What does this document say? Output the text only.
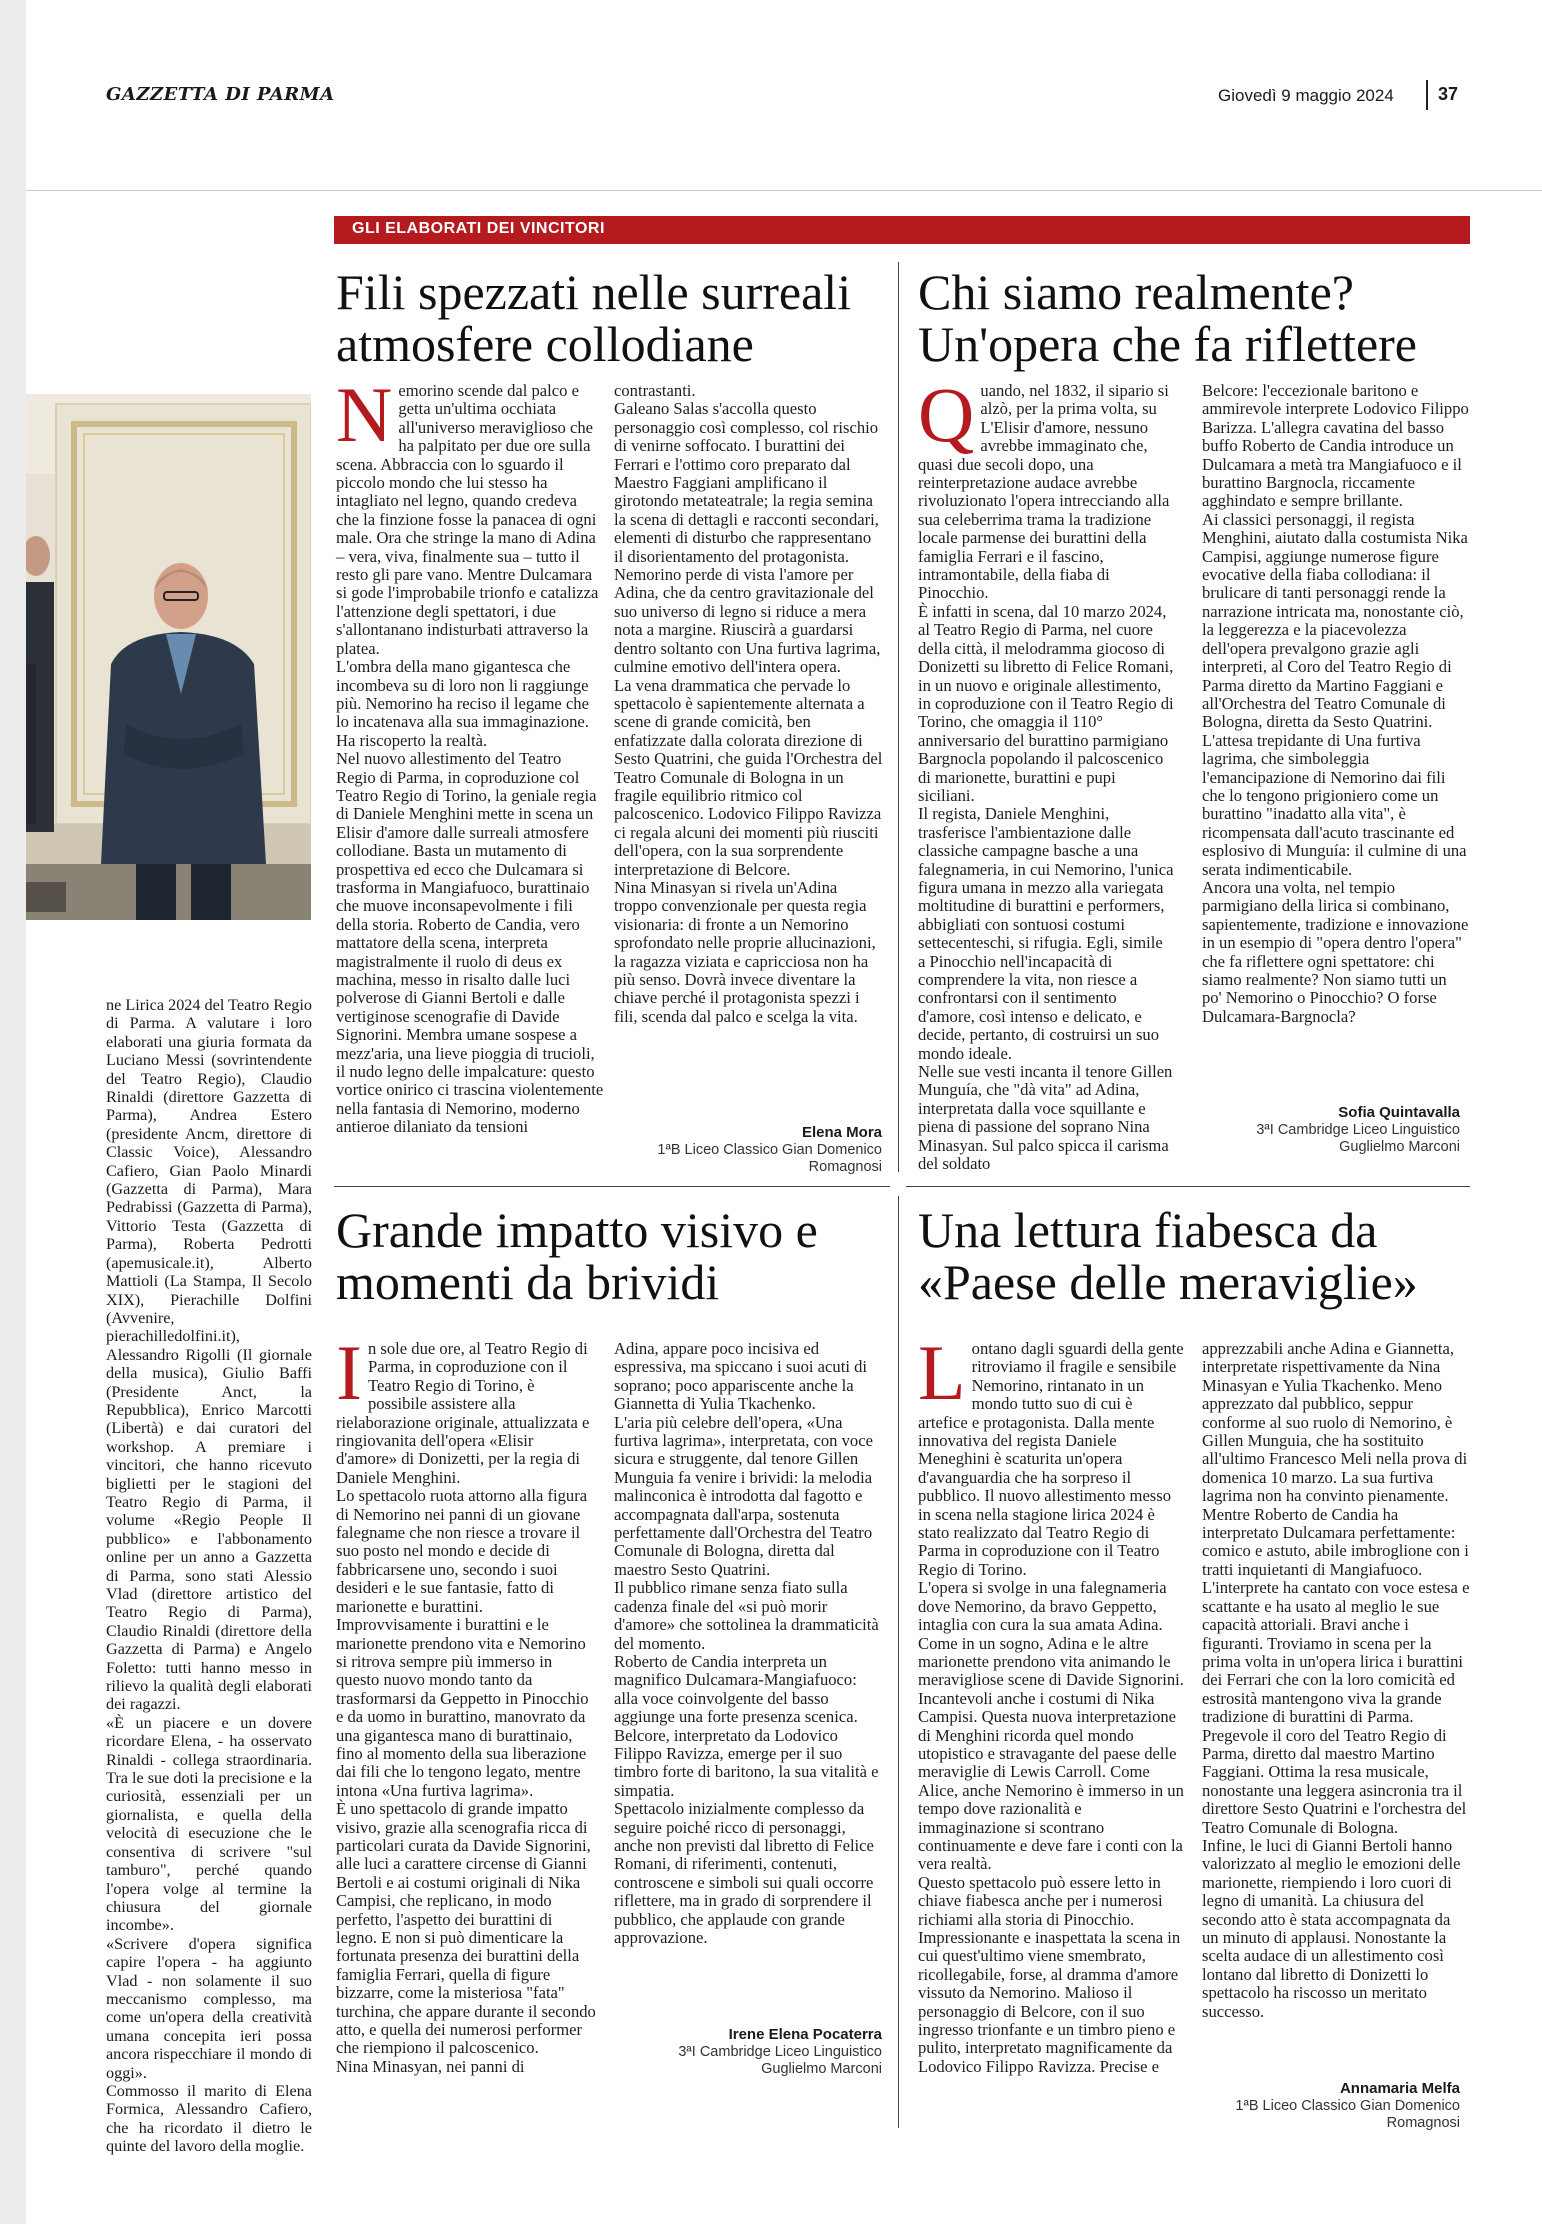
GAZZETTA DI PARMA	Giovedì 9 maggio 2024 37
GLI ELABORATI DEI VINCITORI

ne Lirica 2024 del Teatro Regio di Parma. A valutare i loro elaborati una giuria formata da Luciano Messi (sovrintendente del Teatro Regio), Claudio Rinaldi (direttore Gazzetta di Parma), Andrea Estero (presidente Ancm, direttore di Classic Voice), Alessandro Cafiero, Gian Paolo Minardi (Gazzetta di Parma), Mara Pedrabissi (Gazzetta di Parma), Vittorio Testa (Gazzetta di Parma), Roberta Pedrotti (apemusicale.it), Alberto Mattioli (La Stampa, Il Secolo XIX), Pierachille Dolfini (Avvenire, pierachilledolfini.it), Alessandro Rigolli (Il giornale della musica), Giulio Baffi (Presidente Anct, la Repubblica), Enrico Marcotti (Libertà) e dai curatori del workshop. A premiare i vincitori, che hanno ricevuto biglietti per le stagioni del Teatro Regio di Parma, il volume «Regio People Il pubblico» e l'abbonamento online per un anno a Gazzetta di Parma, sono stati Alessio Vlad (direttore artistico del Teatro Regio di Parma), Claudio Rinaldi (direttore della Gazzetta di Parma) e Angelo Foletto: tutti hanno messo in rilievo la qualità degli elaborati dei ragazzi.

«È un piacere e un dovere ricordare Elena, - ha osservato Rinaldi - collega straordinaria. Tra le sue doti la precisione e la curiosità, essenziali per un giornalista, e quella della velocità di esecuzione che le consentiva di scrivere "sul tamburo", perché quando l'opera volge al termine la chiusura del giornale incombe».

«Scrivere d'opera significa capire l'opera - ha aggiunto Vlad - non solamente il suo meccanismo complesso, ma come un'opera della creatività umana concepita ieri possa ancora rispecchiare il mondo di oggi».

Commosso il marito di Elena Formica, Alessandro Cafiero, che ha ricordato il dietro le quinte del lavoro della moglie.

Fili spezzati nelle surreali atmosfere collodiane
N emorino scende dal palco e getta un'ultima occhiata all'universo meraviglioso che ha palpitato per due ore sulla scena. Abbraccia con lo sguardo il piccolo mondo che lui stesso ha intagliato nel legno, quando credeva che la finzione fosse la panacea di ogni male. Ora che stringe la mano di Adina – vera, viva, finalmente sua – tutto il resto gli pare vano. Mentre Dulcamara si gode l'improbabile trionfo e catalizza l'attenzione degli spettatori, i due s'allontanano indisturbati attraverso la platea.

L'ombra della mano gigantesca che incombeva su di loro non li raggiunge più. Nemorino ha reciso il legame che lo incatenava alla sua immaginazione.

Ha riscoperto la realtà.

Nel nuovo allestimento del Teatro Regio di Parma, in coproduzione col Teatro Regio di Torino, la geniale regia di Daniele Menghini mette in scena un Elisir d'amore dalle surreali atmosfere collodiane. Basta un mutamento di prospettiva ed ecco che Dulcamara si trasforma in Mangiafuoco, burattinaio che muove inconsapevolmente i fili della storia. Roberto de Candia, vero mattatore della scena, interpreta magistralmente il ruolo di deus ex machina, messo in risalto dalle luci polverose di Gianni Bertoli e dalle vertiginose scenografie di Davide Signorini. Membra umane sospese a mezz'aria, una lieve pioggia di trucioli, il nudo legno delle impalcature: questo vortice onirico ci trascina violentemente nella fantasia di Nemorino, moderno antieroe dilaniato da tensioni

contrastanti.

Galeano Salas s'accolla questo personaggio così complesso, col rischio di venirne soffocato. I burattini dei Ferrari e l'ottimo coro preparato dal Maestro Faggiani amplificano il girotondo metateatrale; la regia semina la scena di dettagli e racconti secondari, elementi di disturbo che rappresentano il disorientamento del protagonista. Nemorino perde di vista l'amore per Adina, che da centro gravitazionale del suo universo di legno si riduce a mera nota a margine. Riuscirà a guardarsi dentro soltanto con Una furtiva lagrima, culmine emotivo dell'intera opera.

La vena drammatica che pervade lo spettacolo è sapientemente alternata a scene di grande comicità, ben enfatizzate dalla colorata direzione di Sesto Quatrini, che guida l'Orchestra del Teatro Comunale di Bologna in un fragile equilibrio ritmico col palcoscenico. Lodovico Filippo Ravizza ci regala alcuni dei momenti più riusciti dell'opera, con la sua sorprendente interpretazione di Belcore.

Nina Minasyan si rivela un'Adina troppo convenzionale per questa regia visionaria: di fronte a un Nemorino sprofondato nelle proprie allucinazioni, la ragazza viziata e capricciosa non ha più senso. Dovrà invece diventare la chiave perché il protagonista spezzi i fili, scenda dal palco e scelga la vita.

Elena Mora
1ªB Liceo Classico Gian Domenico Romagnosi
Chi siamo realmente? Un'opera che fa riflettere
Q uando, nel 1832, il sipario si alzò, per la prima volta, su L'Elisir d'amore, nessuno avrebbe immaginato che, quasi due secoli dopo, una reinterpretazione audace avrebbe rivoluzionato l'opera intrecciando alla sua celeberrima trama la tradizione locale parmense dei burattini della famiglia Ferrari e il fascino, intramontabile, della fiaba di Pinocchio.

È infatti in scena, dal 10 marzo 2024, al Teatro Regio di Parma, nel cuore della città, il melodramma giocoso di Donizetti su libretto di Felice Romani, in un nuovo e originale allestimento, in coproduzione con il Teatro Regio di Torino, che omaggia il 110° anniversario del burattino parmigiano Bargnocla popolando il palcoscenico di marionette, burattini e pupi siciliani.

Il regista, Daniele Menghini, trasferisce l'ambientazione dalle classiche campagne basche a una falegnameria, in cui Nemorino, l'unica figura umana in mezzo alla variegata moltitudine di burattini e performers, abbigliati con sontuosi costumi settecenteschi, si rifugia. Egli, simile a Pinocchio nell'incapacità di comprendere la vita, non riesce a confrontarsi con il sentimento d'amore, così intenso e delicato, e decide, pertanto, di costruirsi un suo mondo ideale.

Nelle sue vesti incanta il tenore Gillen Munguía, che "dà vita" ad Adina, interpretata dalla voce squillante e piena di passione del soprano Nina Minasyan. Sul palco spicca il carisma del soldato

Belcore: l'eccezionale baritono e ammirevole interprete Lodovico Filippo Barizza. L'allegra cavatina del basso buffo Roberto de Candia introduce un Dulcamara a metà tra Mangiafuoco e il burattino Bargnocla, riccamente agghindato e sempre brillante.

Ai classici personaggi, il regista Menghini, aiutato dalla costumista Nika Campisi, aggiunge numerose figure evocative della fiaba collodiana: il brulicare di tanti personaggi rende la narrazione intricata ma, nonostante ciò, la leggerezza e la piacevolezza dell'opera prevalgono grazie agli interpreti, al Coro del Teatro Regio di Parma diretto da Martino Faggiani e all'Orchestra del Teatro Comunale di Bologna, diretta da Sesto Quatrini.

L'attesa trepidante di Una furtiva lagrima, che simboleggia l'emancipazione di Nemorino dai fili che lo tengono prigioniero come un burattino "inadatto alla vita", è ricompensata dall'acuto trascinante ed esplosivo di Munguía: il culmine di una serata indimenticabile.

Ancora una volta, nel tempio parmigiano della lirica si combinano, sapientemente, tradizione e innovazione in un esempio di "opera dentro l'opera" che fa riflettere ogni spettatore: chi siamo realmente? Non siamo tutti un po' Nemorino o Pinocchio? O forse Dulcamara-Bargnocla?

Sofia Quintavalla
3ªI Cambridge Liceo Linguistico Guglielmo Marconi
Grande impatto visivo e momenti da brividi
I n sole due ore, al Teatro Regio di Parma, in coproduzione con il Teatro Regio di Torino, è possibile assistere alla rielaborazione originale, attualizzata e ringiovanita dell'opera «Elisir d'amore» di Donizetti, per la regia di Daniele Menghini.

Lo spettacolo ruota attorno alla figura di Nemorino nei panni di un giovane falegname che non riesce a trovare il suo posto nel mondo e decide di fabbricarsene uno, secondo i suoi desideri e le sue fantasie, fatto di marionette e burattini. Improvvisamente i burattini e le marionette prendono vita e Nemorino si ritrova sempre più immerso in questo nuovo mondo tanto da trasformarsi da Geppetto in Pinocchio e da uomo in burattino, manovrato da una gigantesca mano di burattinaio, fino al momento della sua liberazione dai fili che lo tengono legato, mentre intona «Una furtiva lagrima».

È uno spettacolo di grande impatto visivo, grazie alla scenografia ricca di particolari curata da Davide Signorini, alle luci a carattere circense di Gianni Bertoli e ai costumi originali di Nika Campisi, che replicano, in modo perfetto, l'aspetto dei burattini di legno. E non si può dimenticare la fortunata presenza dei burattini della famiglia Ferrari, quella di figure bizzarre, come la misteriosa "fata" turchina, che appare durante il secondo atto, e quella dei numerosi performer che riempiono il palcoscenico.

Nina Minasyan, nei panni di

Adina, appare poco incisiva ed espressiva, ma spiccano i suoi acuti di soprano; poco appariscente anche la Giannetta di Yulia Tkachenko.

L'aria più celebre dell'opera, «Una furtiva lagrima», interpretata, con voce sicura e struggente, dal tenore Gillen Munguia fa venire i brividi: la melodia malinconica è introdotta dal fagotto e accompagnata dall'arpa, sostenuta perfettamente dall'Orchestra del Teatro Comunale di Bologna, diretta dal maestro Sesto Quatrini.

Il pubblico rimane senza fiato sulla cadenza finale del «si può morir d'amore» che sottolinea la drammaticità del momento.

Roberto de Candia interpreta un magnifico Dulcamara-Mangiafuoco: alla voce coinvolgente del basso aggiunge una forte presenza scenica.

Belcore, interpretato da Lodovico Filippo Ravizza, emerge per il suo timbro forte di baritono, la sua vitalità e simpatia.

Spettacolo inizialmente complesso da seguire poiché ricco di personaggi, anche non previsti dal libretto di Felice Romani, di riferimenti, contenuti, controscene e simboli sui quali occorre riflettere, ma in grado di sorprendere il pubblico, che applaude con grande approvazione.

Irene Elena Pocaterra
3ªI Cambridge Liceo Linguistico Guglielmo Marconi
Una lettura fiabesca da «Paese delle meraviglie»
L ontano dagli sguardi della gente ritroviamo il fragile e sensibile Nemorino, rintanato in un mondo tutto suo di cui è artefice e protagonista. Dalla mente innovativa del regista Daniele Meneghini è scaturita un'opera d'avanguardia che ha sorpreso il pubblico. Il nuovo allestimento messo in scena nella stagione lirica 2024 è stato realizzato dal Teatro Regio di Parma in coproduzione con il Teatro Regio di Torino.

L'opera si svolge in una falegnameria dove Nemorino, da bravo Geppetto, intaglia con cura la sua amata Adina. Come in un sogno, Adina e le altre marionette prendono vita animando le meravigliose scene di Davide Signorini. Incantevoli anche i costumi di Nika Campisi. Questa nuova interpretazione di Menghini ricorda quel mondo utopistico e stravagante del paese delle meraviglie di Lewis Carroll. Come Alice, anche Nemorino è immerso in un tempo dove razionalità e immaginazione si scontrano continuamente e deve fare i conti con la vera realtà.

Questo spettacolo può essere letto in chiave fiabesca anche per i numerosi richiami alla storia di Pinocchio. Impressionante e inaspettata la scena in cui quest'ultimo viene smembrato, ricollegabile, forse, al dramma d'amore vissuto da Nemorino. Malioso il personaggio di Belcore, con il suo ingresso trionfante e un timbro pieno e pulito, interpretato magnificamente da Lodovico Filippo Ravizza. Precise e

apprezzabili anche Adina e Giannetta, interpretate rispettivamente da Nina Minasyan e Yulia Tkachenko. Meno apprezzato dal pubblico, seppur conforme al suo ruolo di Nemorino, è Gillen Munguia, che ha sostituito all'ultimo Francesco Meli nella prova di domenica 10 marzo. La sua furtiva lagrima non ha convinto pienamente. Mentre Roberto de Candia ha interpretato Dulcamara perfettamente: comico e astuto, abile imbroglione con i tratti inquietanti di Mangiafuoco.

L'interprete ha cantato con voce estesa e scattante e ha usato al meglio le sue capacità attoriali. Bravi anche i figuranti. Troviamo in scena per la prima volta in un'opera lirica i burattini dei Ferrari che con la loro comicità ed estrosità mantengono viva la grande tradizione di burattini di Parma. Pregevole il coro del Teatro Regio di Parma, diretto dal maestro Martino Faggiani. Ottima la resa musicale, nonostante una leggera asincronia tra il direttore Sesto Quatrini e l'orchestra del Teatro Comunale di Bologna.

Infine, le luci di Gianni Bertoli hanno valorizzato al meglio le emozioni delle marionette, riempiendo i loro cuori di legno di umanità. La chiusura del secondo atto è stata accompagnata da un minuto di applausi. Nonostante la scelta audace di un allestimento così lontano dal libretto di Donizetti lo spettacolo ha riscosso un meritato successo.

Annamaria Melfa
1ªB Liceo Classico Gian Domenico Romagnosi
